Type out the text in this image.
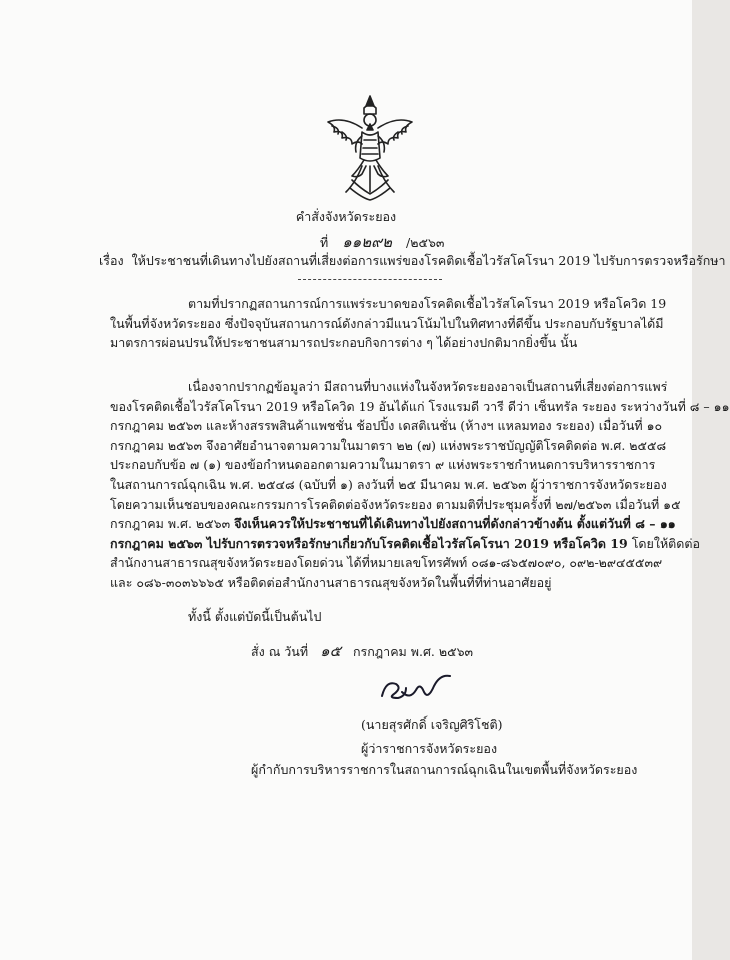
คำสั่งจังหวัดระยอง
ที่ ๑๑๒๙๒ /๒๕๖๓
เรื่อง ให้ประชาชนที่เดินทางไปยังสถานที่เสี่ยงต่อการแพร่ของโรคติดเชื้อไวรัสโคโรนา 2019 ไปรับการตรวจหรือรักษา
ตามที่ปรากฏสถานการณ์การแพร่ระบาดของโรคติดเชื้อไวรัสโคโรนา 2019 หรือโควิด 19
ในพื้นที่จังหวัดระยอง ซึ่งปัจจุบันสถานการณ์ดังกล่าวมีแนวโน้มไปในทิศทางที่ดีขึ้น ประกอบกับรัฐบาลได้มี
มาตรการผ่อนปรนให้ประชาชนสามารถประกอบกิจการต่าง ๆ ได้อย่างปกติมากยิ่งขึ้น นั้น
เนื่องจากปรากฏข้อมูลว่า มีสถานที่บางแห่งในจังหวัดระยองอาจเป็นสถานที่เสี่ยงต่อการแพร่
ของโรคติดเชื้อไวรัสโคโรนา 2019 หรือโควิด 19 อันได้แก่ โรงแรมดี วารี ดีว่า เซ็นทรัล ระยอง ระหว่างวันที่ ๘ – ๑๑
กรกฎาคม ๒๕๖๓ และห้างสรรพสินค้าแพชชั่น ช้อปปิ้ง เดสติเนชั่น (ห้างฯ แหลมทอง ระยอง) เมื่อวันที่ ๑๐
กรกฎาคม ๒๕๖๓ จึงอาศัยอำนาจตามความในมาตรา ๒๒ (๗) แห่งพระราชบัญญัติโรคติดต่อ พ.ศ. ๒๕๕๘
ประกอบกับข้อ ๗ (๑) ของข้อกำหนดออกตามความในมาตรา ๙ แห่งพระราชกำหนดการบริหารราชการ
ในสถานการณ์ฉุกเฉิน พ.ศ. ๒๕๔๘ (ฉบับที่ ๑) ลงวันที่ ๒๕ มีนาคม พ.ศ. ๒๕๖๓ ผู้ว่าราชการจังหวัดระยอง
โดยความเห็นชอบของคณะกรรมการโรคติดต่อจังหวัดระยอง ตามมติที่ประชุมครั้งที่ ๒๗/๒๕๖๓ เมื่อวันที่ ๑๕
กรกฎาคม พ.ศ. ๒๕๖๓ จึงเห็นควรให้ประชาชนที่ได้เดินทางไปยังสถานที่ดังกล่าวข้างต้น ตั้งแต่วันที่ ๘ – ๑๑
กรกฎาคม ๒๕๖๓ ไปรับการตรวจหรือรักษาเกี่ยวกับโรคติดเชื้อไวรัสโคโรนา 2019 หรือโควิด 19 โดยให้ติดต่อ
สำนักงานสาธารณสุขจังหวัดระยองโดยด่วน ได้ที่หมายเลขโทรศัพท์ ๐๘๑-๘๖๕๗๐๙๐, ๐๙๒-๒๙๔๕๕๓๙
และ ๐๘๖-๓๐๓๖๖๖๕ หรือติดต่อสำนักงานสาธารณสุขจังหวัดในพื้นที่ที่ท่านอาศัยอยู่
ทั้งนี้ ตั้งแต่บัดนี้เป็นต้นไป
สั่ง ณ วันที่ ๑๕ กรกฎาคม พ.ศ. ๒๕๖๓
(นายสุรศักดิ์ เจริญศิริโชติ)
ผู้ว่าราชการจังหวัดระยอง
ผู้กำกับการบริหารราชการในสถานการณ์ฉุกเฉินในเขตพื้นที่จังหวัดระยอง
